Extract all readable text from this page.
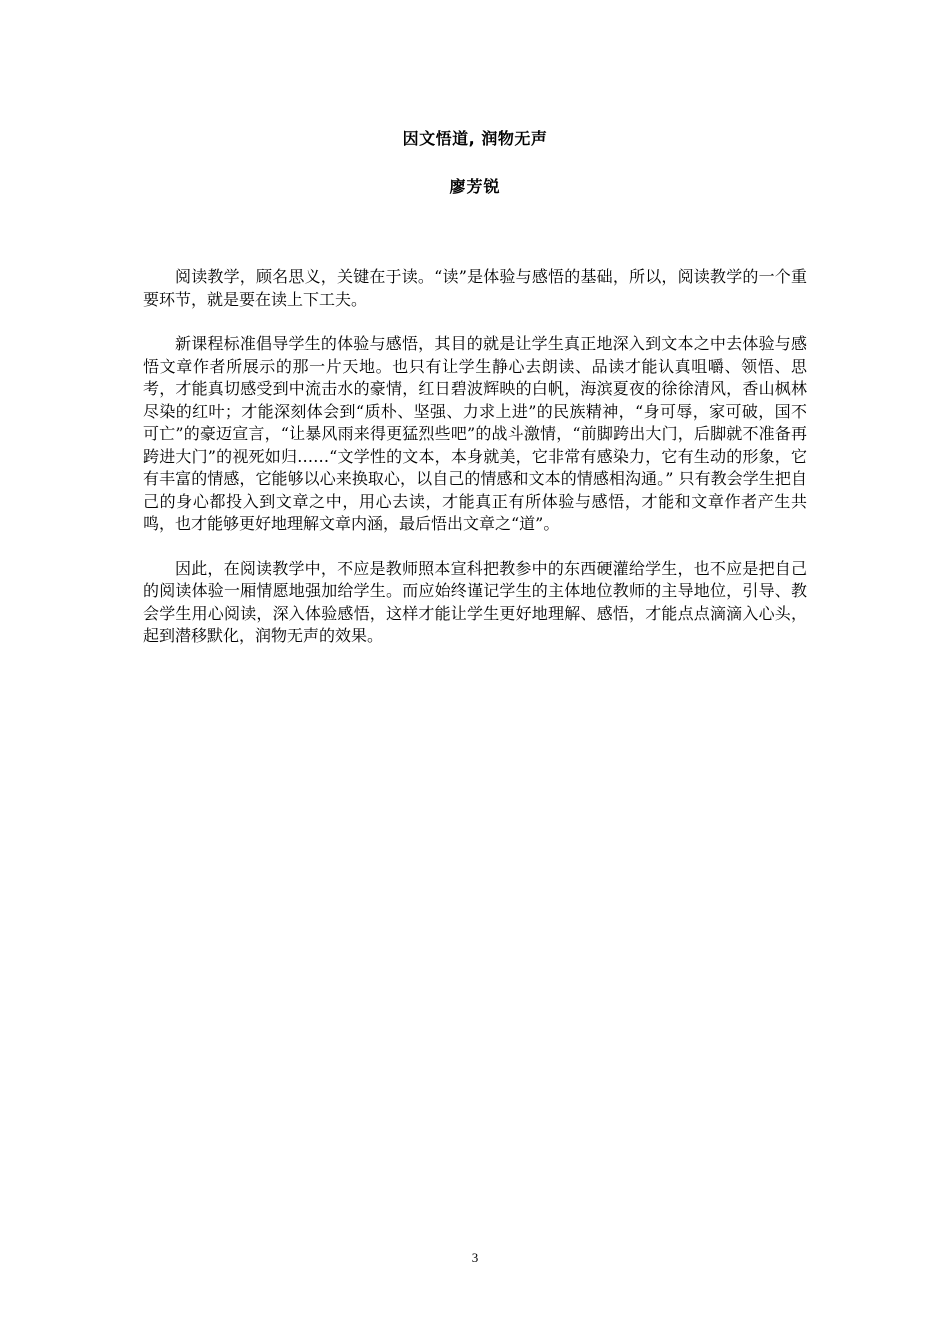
因文悟道, 润物无声
廖芳锐

阅读教学，顾名思义，关键在于读。“读”是体验与感悟的基础，所以，阅读教学的一个重要环节，就是要在读上下工夫。

新课程标准倡导学生的体验与感悟，其目的就是让学生真正地深入到文本之中去体验与感悟文章作者所展示的那一片天地。也只有让学生静心去朗读、品读才能认真咀嚼、领悟、思考，才能真切感受到中流击水的豪情，红日碧波辉映的白帆，海滨夏夜的徐徐清风，香山枫林尽染的红叶；才能深刻体会到“质朴、坚强、力求上进”的民族精神，“身可辱，家可破，国不可亡”的豪迈宣言，“让暴风雨来得更猛烈些吧”的战斗激情，“前脚跨出大门，后脚就不准备再跨进大门”的视死如归……“文学性的文本，本身就美，它非常有感染力，它有生动的形象，它有丰富的情感，它能够以心来换取心，以自己的情感和文本的情感相沟通。” 只有教会学生把自己的身心都投入到文章之中，用心去读，才能真正有所体验与感悟，才能和文章作者产生共鸣，也才能够更好地理解文章内涵，最后悟出文章之“道”。

因此，在阅读教学中，不应是教师照本宣科把教参中的东西硬灌给学生，也不应是把自己的阅读体验一厢情愿地强加给学生。而应始终谨记学生的主体地位教师的主导地位，引导、教会学生用心阅读，深入体验感悟，这样才能让学生更好地理解、感悟，才能点点滴滴入心头，起到潜移默化，润物无声的效果。

3
